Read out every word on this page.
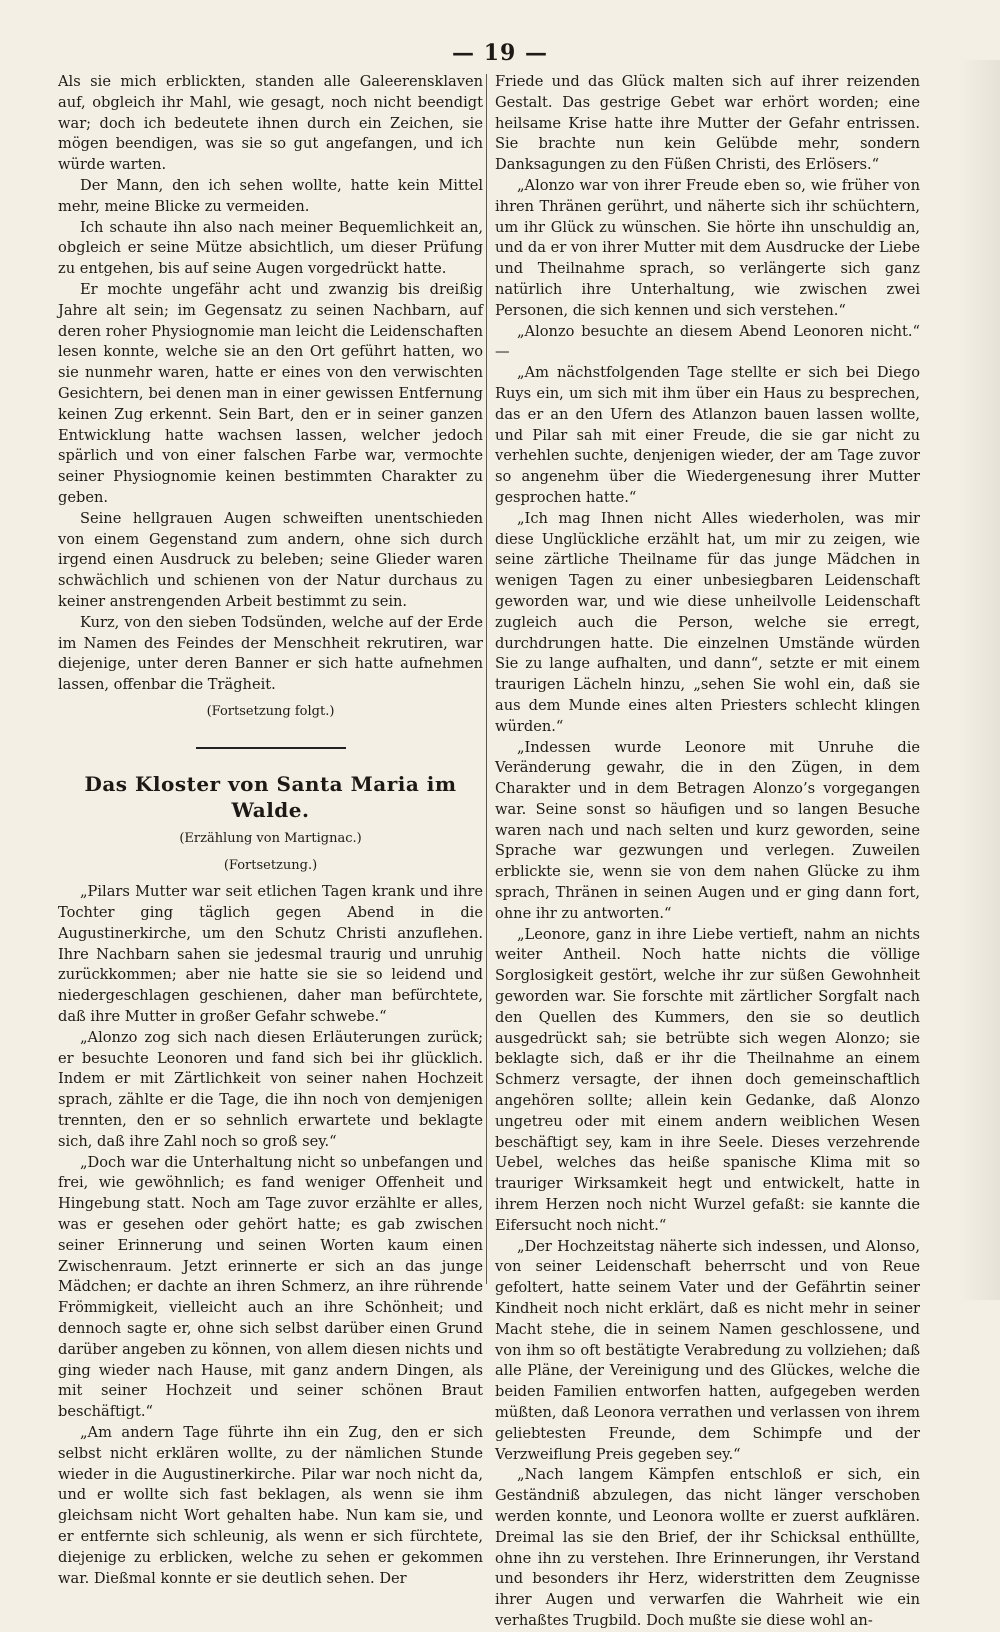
— 19 —

Als sie mich erblickten, standen alle Galeerensklaven auf, obgleich ihr Mahl, wie gesagt, noch nicht beendigt war; doch ich bedeutete ihnen durch ein Zeichen, sie mögen beendigen, was sie so gut angefangen, und ich würde warten.

Der Mann, den ich sehen wollte, hatte kein Mittel mehr, meine Blicke zu vermeiden.

Ich schaute ihn also nach meiner Bequemlichkeit an, obgleich er seine Mütze absichtlich, um dieser Prüfung zu entgehen, bis auf seine Augen vorgedrückt hatte.

Er mochte ungefähr acht und zwanzig bis dreißig Jahre alt sein; im Gegensatz zu seinen Nachbarn, auf deren roher Physiognomie man leicht die Leidenschaften lesen konnte, welche sie an den Ort geführt hatten, wo sie nunmehr waren, hatte er eines von den verwischten Gesichtern, bei denen man in einer gewissen Entfernung keinen Zug erkennt. Sein Bart, den er in seiner ganzen Entwicklung hatte wachsen lassen, welcher jedoch spärlich und von einer falschen Farbe war, vermochte seiner Physiognomie keinen bestimmten Charakter zu geben.

Seine hellgrauen Augen schweiften unentschieden von einem Gegenstand zum andern, ohne sich durch irgend einen Ausdruck zu beleben; seine Glieder waren schwächlich und schienen von der Natur durchaus zu keiner anstrengenden Arbeit bestimmt zu sein.

Kurz, von den sieben Todsünden, welche auf der Erde im Namen des Feindes der Menschheit rekrutiren, war diejenige, unter deren Banner er sich hatte aufnehmen lassen, offenbar die Trägheit.

(Fortsetzung folgt.)

Das Kloster von Santa Maria im Walde.

(Erzählung von Martignac.)

(Fortsetzung.)

„Pilars Mutter war seit etlichen Tagen krank und ihre Tochter ging täglich gegen Abend in die Augustinerkirche, um den Schutz Christi anzuflehen. Ihre Nachbarn sahen sie jedesmal traurig und unruhig zurückkommen; aber nie hatte sie sie so leidend und niedergeschlagen geschienen, daher man befürchtete, daß ihre Mutter in großer Gefahr schwebe.“

„Alonzo zog sich nach diesen Erläuterungen zurück; er besuchte Leonoren und fand sich bei ihr glücklich. Indem er mit Zärtlichkeit von seiner nahen Hochzeit sprach, zählte er die Tage, die ihn noch von demjenigen trennten, den er so sehnlich erwartete und beklagte sich, daß ihre Zahl noch so groß sey.“

„Doch war die Unterhaltung nicht so unbefangen und frei, wie gewöhnlich; es fand weniger Offenheit und Hingebung statt. Noch am Tage zuvor erzählte er alles, was er gesehen oder gehört hatte; es gab zwischen seiner Erinnerung und seinen Worten kaum einen Zwischenraum. Jetzt erinnerte er sich an das junge Mädchen; er dachte an ihren Schmerz, an ihre rührende Frömmigkeit, vielleicht auch an ihre Schönheit; und dennoch sagte er, ohne sich selbst darüber einen Grund darüber angeben zu können, von allem diesen nichts und ging wieder nach Hause, mit ganz andern Dingen, als mit seiner Hochzeit und seiner schönen Braut beschäftigt.“

„Am andern Tage führte ihn ein Zug, den er sich selbst nicht erklären wollte, zu der nämlichen Stunde wieder in die Augustinerkirche. Pilar war noch nicht da, und er wollte sich fast beklagen, als wenn sie ihm gleichsam nicht Wort gehalten habe. Nun kam sie, und er entfernte sich schleunig, als wenn er sich fürchtete, diejenige zu erblicken, welche zu sehen er gekommen war. Dießmal konnte er sie deutlich sehen. Der

Friede und das Glück malten sich auf ihrer reizenden Gestalt. Das gestrige Gebet war erhört worden; eine heilsame Krise hatte ihre Mutter der Gefahr entrissen. Sie brachte nun kein Gelübde mehr, sondern Danksagungen zu den Füßen Christi, des Erlösers.“

„Alonzo war von ihrer Freude eben so, wie früher von ihren Thränen gerührt, und näherte sich ihr schüchtern, um ihr Glück zu wünschen. Sie hörte ihn unschuldig an, und da er von ihrer Mutter mit dem Ausdrucke der Liebe und Theilnahme sprach, so verlängerte sich ganz natürlich ihre Unterhaltung, wie zwischen zwei Personen, die sich kennen und sich verstehen.“

„Alonzo besuchte an diesem Abend Leonoren nicht.“ —

„Am nächstfolgenden Tage stellte er sich bei Diego Ruys ein, um sich mit ihm über ein Haus zu besprechen, das er an den Ufern des Atlanzon bauen lassen wollte, und Pilar sah mit einer Freude, die sie gar nicht zu verhehlen suchte, denjenigen wieder, der am Tage zuvor so angenehm über die Wiedergenesung ihrer Mutter gesprochen hatte.“

„Ich mag Ihnen nicht Alles wiederholen, was mir diese Unglückliche erzählt hat, um mir zu zeigen, wie seine zärtliche Theilname für das junge Mädchen in wenigen Tagen zu einer unbesiegbaren Leidenschaft geworden war, und wie diese unheilvolle Leidenschaft zugleich auch die Person, welche sie erregt, durchdrungen hatte. Die einzelnen Umstände würden Sie zu lange aufhalten, und dann“, setzte er mit einem traurigen Lächeln hinzu, „sehen Sie wohl ein, daß sie aus dem Munde eines alten Priesters schlecht klingen würden.“

„Indessen wurde Leonore mit Unruhe die Veränderung gewahr, die in den Zügen, in dem Charakter und in dem Betragen Alonzo’s vorgegangen war. Seine sonst so häufigen und so langen Besuche waren nach und nach selten und kurz geworden, seine Sprache war gezwungen und verlegen. Zuweilen erblickte sie, wenn sie von dem nahen Glücke zu ihm sprach, Thränen in seinen Augen und er ging dann fort, ohne ihr zu antworten.“

„Leonore, ganz in ihre Liebe vertieft, nahm an nichts weiter Antheil. Noch hatte nichts die völlige Sorglosigkeit gestört, welche ihr zur süßen Gewohnheit geworden war. Sie forschte mit zärtlicher Sorgfalt nach den Quellen des Kummers, den sie so deutlich ausgedrückt sah; sie betrübte sich wegen Alonzo; sie beklagte sich, daß er ihr die Theilnahme an einem Schmerz versagte, der ihnen doch gemeinschaftlich angehören sollte; allein kein Gedanke, daß Alonzo ungetreu oder mit einem andern weiblichen Wesen beschäftigt sey, kam in ihre Seele. Dieses verzehrende Uebel, welches das heiße spanische Klima mit so trauriger Wirksamkeit hegt und entwickelt, hatte in ihrem Herzen noch nicht Wurzel gefaßt: sie kannte die Eifersucht noch nicht.“

„Der Hochzeitstag näherte sich indessen, und Alonso, von seiner Leidenschaft beherrscht und von Reue gefoltert, hatte seinem Vater und der Gefährtin seiner Kindheit noch nicht erklärt, daß es nicht mehr in seiner Macht stehe, die in seinem Namen geschlossene, und von ihm so oft bestätigte Verabredung zu vollziehen; daß alle Pläne, der Vereinigung und des Glückes, welche die beiden Familien entworfen hatten, aufgegeben werden müßten, daß Leonora verrathen und verlassen von ihrem geliebtesten Freunde, dem Schimpfe und der Verzweiflung Preis gegeben sey.“

„Nach langem Kämpfen entschloß er sich, ein Geständniß abzulegen, das nicht länger verschoben werden konnte, und Leonora wollte er zuerst aufklären. Dreimal las sie den Brief, der ihr Schicksal enthüllte, ohne ihn zu verstehen. Ihre Erinnerungen, ihr Verstand und besonders ihr Herz, widerstritten dem Zeugnisse ihrer Augen und verwarfen die Wahrheit wie ein verhaßtes Trugbild. Doch mußte sie diese wohl an-
